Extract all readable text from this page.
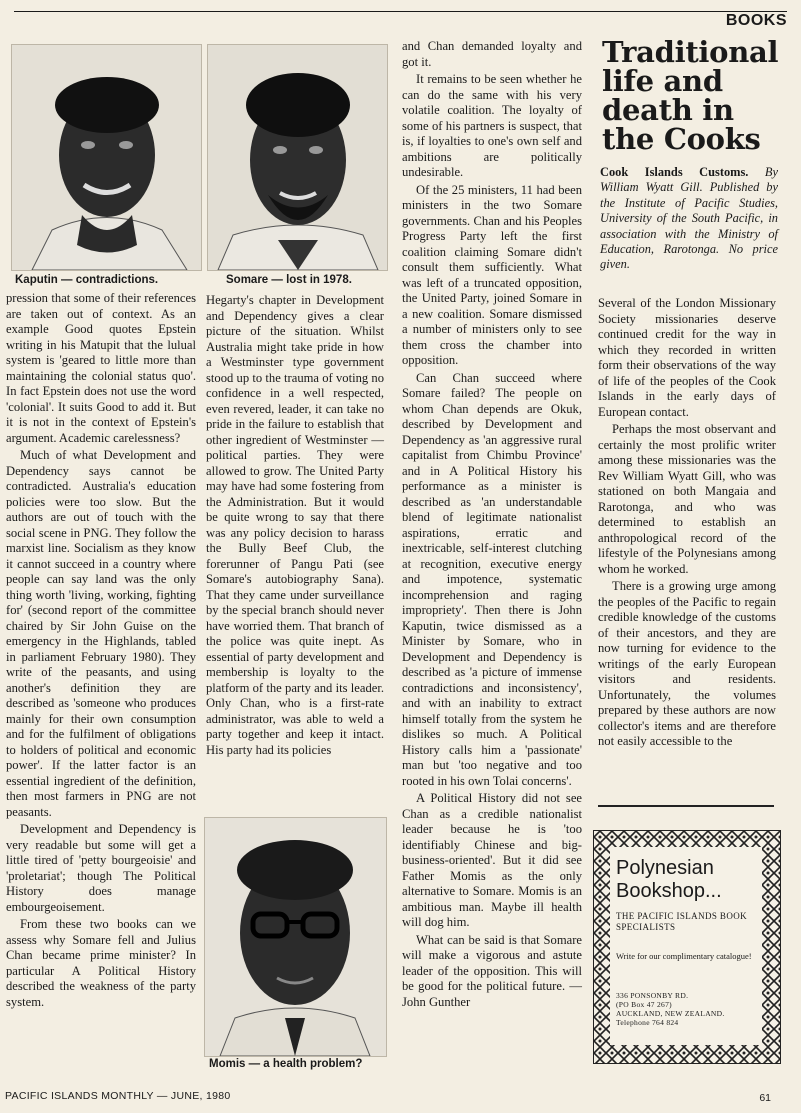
BOOKS
Kaputin — contradictions.	Somare — lost in 1978.
Momis — a health problem?

pression that some of their references are taken out of context. As an example Good quotes Epstein writing in his Matupit that the lulual system is 'geared to little more than maintaining the colonial status quo'. In fact Epstein does not use the word 'colonial'. It suits Good to add it. But it is not in the context of Epstein's argument. Academic carelessness?

Much of what Development and Dependency says cannot be contradicted. Australia's education policies were too slow. But the authors are out of touch with the social scene in PNG. They follow the marxist line. Socialism as they know it cannot succeed in a country where people can say land was the only thing worth 'living, working, fighting for' (second report of the committee chaired by Sir John Guise on the emergency in the Highlands, tabled in parliament February 1980). They write of the peasants, and using another's definition they are described as 'someone who produces mainly for their own consumption and for the fulfilment of obligations to holders of political and economic power'. If the latter factor is an essential ingredient of the definition, then most farmers in PNG are not peasants.

Development and Dependency is very readable but some will get a little tired of 'petty bourgeoisie' and 'proletariat'; though The Political History does manage embourgeoisement.

From these two books can we assess why Somare fell and Julius Chan became prime minister? In particular A Political History described the weakness of the party system.

Hegarty's chapter in Development and Dependency gives a clear picture of the situation. Whilst Australia might take pride in how a Westminster type government stood up to the trauma of voting no confidence in a well respected, even revered, leader, it can take no pride in the failure to establish that other ingredient of Westminster — political parties. They were allowed to grow. The United Party may have had some fostering from the Administration. But it would be quite wrong to say that there was any policy decision to harass the Bully Beef Club, the forerunner of Pangu Pati (see Somare's autobiography Sana). That they came under surveillance by the special branch should never have worried them. That branch of the police was quite inept. As essential of party development and membership is loyalty to the platform of the party and its leader. Only Chan, who is a first-rate administrator, was able to weld a party together and keep it intact. His party had its policies

and Chan demanded loyalty and got it.

It remains to be seen whether he can do the same with his very volatile coalition. The loyalty of some of his partners is suspect, that is, if loyalties to one's own self and ambitions are politically undesirable.

Of the 25 ministers, 11 had been ministers in the two Somare governments. Chan and his Peoples Progress Party left the first coalition claiming Somare didn't consult them sufficiently. What was left of a truncated opposition, the United Party, joined Somare in a new coalition. Somare dismissed a number of ministers only to see them cross the chamber into opposition.

Can Chan succeed where Somare failed? The people on whom Chan depends are Okuk, described by Development and Dependency as 'an aggressive rural capitalist from Chimbu Province' and in A Political History his performance as a minister is described as 'an understandable blend of legitimate nationalist aspirations, erratic and inextricable, self-interest clutching at recognition, executive energy and impotence, systematic incomprehension and raging impropriety'. Then there is John Kaputin, twice dismissed as a Minister by Somare, who in Development and Dependency is described as 'a picture of immense contradictions and inconsistency', and with an inability to extract himself totally from the system he dislikes so much. A Political History calls him a 'passionate' man but 'too negative and too rooted in his own Tolai concerns'.

A Political History did not see Chan as a credible nationalist leader because he is 'too identifiably Chinese and big-business-oriented'. But it did see Father Momis as the only alternative to Somare. Momis is an ambitious man. Maybe ill health will dog him.

What can be said is that Somare will make a vigorous and astute leader of the opposition. This will be good for the political future. — John Gunther

Traditional life and death in the Cooks
Cook Islands Customs. By William Wyatt Gill. Published by the Institute of Pacific Studies, University of the South Pacific, in association with the Ministry of Education, Rarotonga. No price given.

Several of the London Missionary Society missionaries deserve continued credit for the way in which they recorded in written form their observations of the way of life of the peoples of the Cook Islands in the early days of European contact.

Perhaps the most observant and certainly the most prolific writer among these missionaries was the Rev William Wyatt Gill, who was stationed on both Mangaia and Rarotonga, and who was determined to establish an anthropological record of the lifestyle of the Polynesians among whom he worked.

There is a growing urge among the peoples of the Pacific to regain credible knowledge of the customs of their ancestors, and they are now turning for evidence to the writings of the early European visitors and residents. Unfortunately, the volumes prepared by these authors are now collector's items and are therefore not easily accessible to the

Polynesian Bookshop...
THE PACIFIC ISLANDS BOOK SPECIALISTS
Write for our complimentary catalogue!
336 PONSONBY RD.
(PO Box 47 267)
AUCKLAND, NEW ZEALAND.
Telephone 764 824
PACIFIC ISLANDS MONTHLY — JUNE, 1980	61
